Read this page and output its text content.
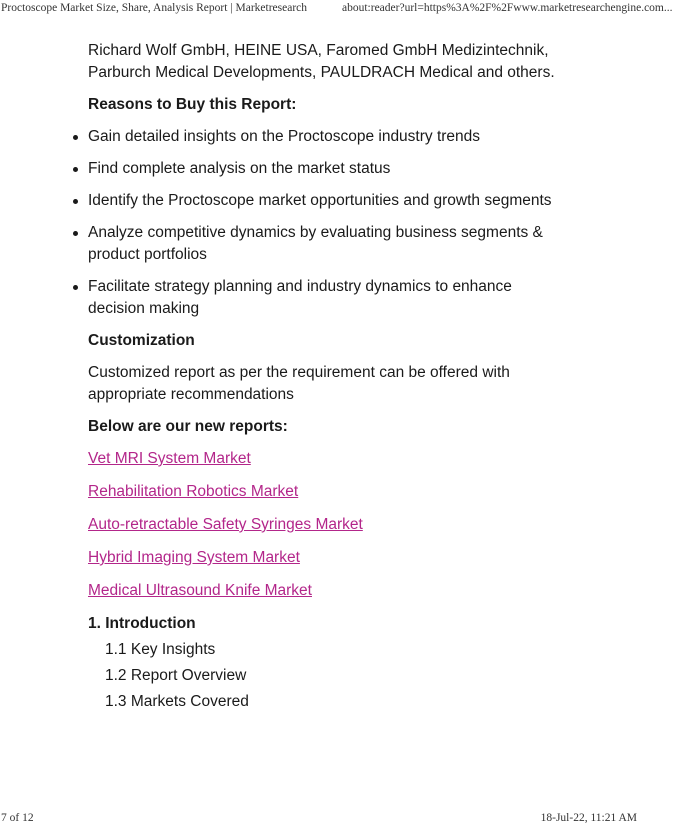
Proctoscope Market Size, Share, Analysis Report | Marketresearch	about:reader?url=https%3A%2F%2Fwww.marketresearchengine.com...

Richard Wolf GmbH, HEINE USA, Faromed GmbH Medizintechnik, Parburch Medical Developments, PAULDRACH Medical and others.

Reasons to Buy this Report:

Gain detailed insights on the Proctoscope industry trends
Find complete analysis on the market status
Identify the Proctoscope market opportunities and growth segments
Analyze competitive dynamics by evaluating business segments & product portfolios
Facilitate strategy planning and industry dynamics to enhance decision making

Customization

Customized report as per the requirement can be offered with appropriate recommendations

Below are our new reports:

Vet MRI System Market
Rehabilitation Robotics Market
Auto-retractable Safety Syringes Market
Hybrid Imaging System Market
Medical Ultrasound Knife Market
1. Introduction
1.1 Key Insights
1.2 Report Overview
1.3 Markets Covered
7 of 12	18-Jul-22, 11:21 AM
